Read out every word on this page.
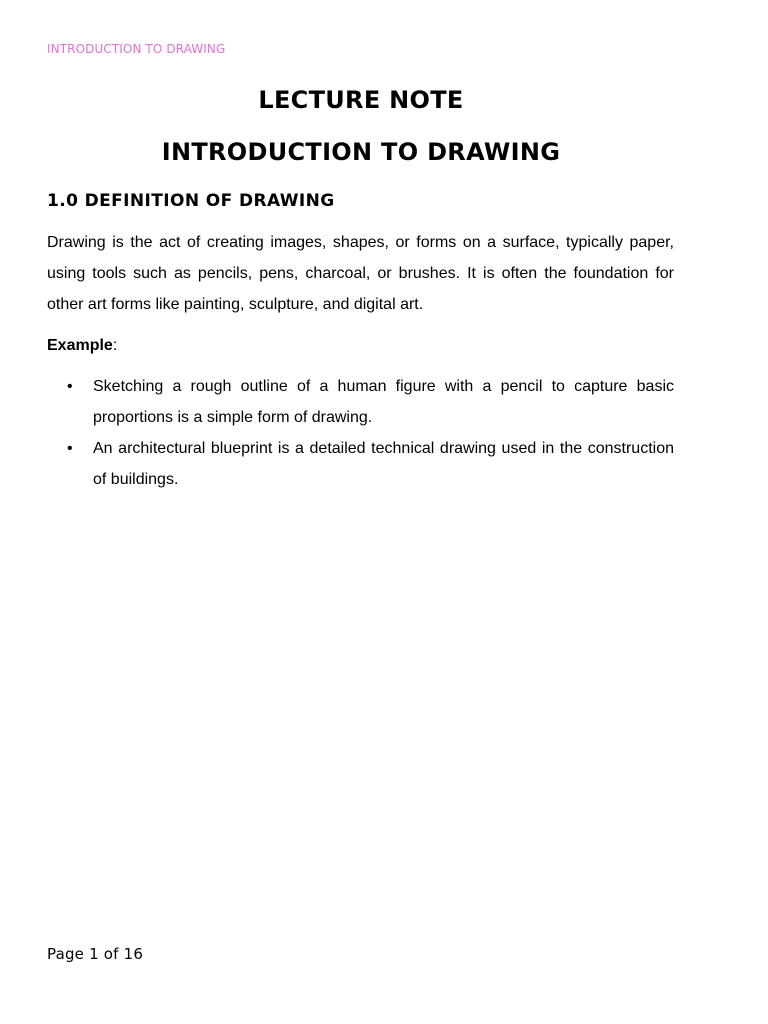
INTRODUCTION TO DRAWING
LECTURE NOTE
INTRODUCTION TO DRAWING
1.0 DEFINITION OF DRAWING

Drawing is the act of creating images, shapes, or forms on a surface, typically paper, using tools such as pencils, pens, charcoal, or brushes. It is often the foundation for other art forms like painting, sculpture, and digital art.

Example:

• Sketching a rough outline of a human figure with a pencil to capture basic proportions is a simple form of drawing.
• An architectural blueprint is a detailed technical drawing used in the construction of buildings.
Page 1 of 16
